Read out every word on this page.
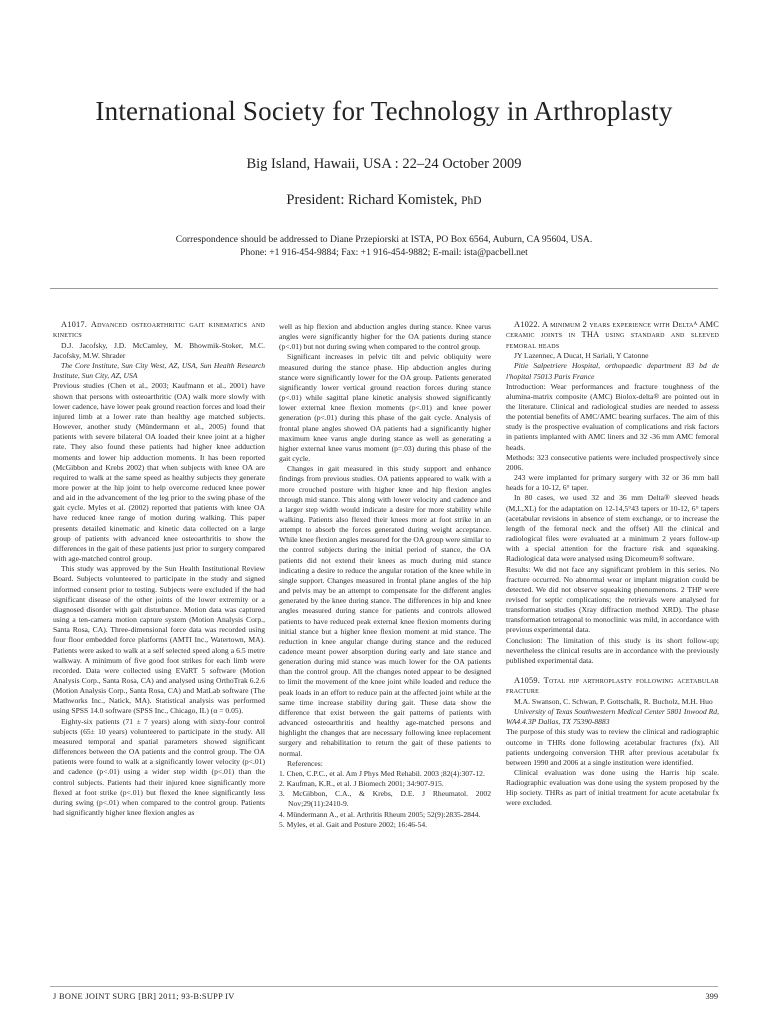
International Society for Technology in Arthroplasty
Big Island, Hawaii, USA : 22–24 October 2009
President: Richard Komistek, PhD
Correspondence should be addressed to Diane Przepiorski at ISTA, PO Box 6564, Auburn, CA 95604, USA.
Phone: +1 916-454-9884; Fax: +1 916-454-9882; E-mail: ista@pacbell.net

A1017. Advanced osteoarthritic gait kinematics and kinetics

D.J. Jacofsky, J.D. McCamley, M. Bhowmik-Stoker, M.C. Jacofsky, M.W. Shrader

The Core Institute, Sun City West, AZ, USA, Sun Health Research Institute, Sun City, AZ, USA

Previous studies (Chen et al., 2003; Kaufmann et al., 2001) have shown that persons with osteoarthritic (OA) walk more slowly with lower cadence, have lower peak ground reaction forces and load their injured limb at a lower rate than healthy age matched subjects. However, another study (Mündermann et al., 2005) found that patients with severe bilateral OA loaded their knee joint at a higher rate. They also found these patients had higher knee adduction moments and lower hip adduction moments. It has been reported (McGibbon and Krebs 2002) that when subjects with knee OA are required to walk at the same speed as healthy subjects they generate more power at the hip joint to help overcome reduced knee power and aid in the advancement of the leg prior to the swing phase of the gait cycle. Myles et al. (2002) reported that patients with knee OA have reduced knee range of motion during walking. This paper presents detailed kinematic and kinetic data collected on a large group of patients with advanced knee osteoarthritis to show the differences in the gait of these patients just prior to surgery compared with age-matched control group.

This study was approved by the Sun Health Institutional Review Board. Subjects volunteered to participate in the study and signed informed consent prior to testing. Subjects were excluded if the had significant disease of the other joints of the lower extremity or a diagnosed disorder with gait disturbance. Motion data was captured using a ten-camera motion capture system (Motion Analysis Corp., Santa Rosa, CA). Three-dimensional force data was recorded using four floor embedded force platforms (AMTI Inc., Watertown, MA). Patients were asked to walk at a self selected speed along a 6.5 metre walkway. A minimum of five good foot strikes for each limb were recorded. Data were collected using EVaRT 5 software (Motion Analysis Corp., Santa Rosa, CA) and analysed using OrthoTrak 6.2.6 (Motion Analysis Corp., Santa Rosa, CA) and MatLab software (The Mathworks Inc., Natick, MA). Statistical analysis was performed using SPSS 14.0 software (SPSS Inc., Chicago, IL) (α = 0.05).

Eighty-six patients (71 ± 7 years) along with sixty-four control subjects (65± 10 years) volunteered to participate in the study. All measured temporal and spatial parameters showed significant differences between the OA patients and the control group. The OA patients were found to walk at a significantly lower velocity (p<.01) and cadence (p<.01) using a wider step width (p<.01) than the control subjects. Patients had their injured knee significantly more flexed at foot strike (p<.01) but flexed the knee significantly less during swing (p<.01) when compared to the control group. Patients had significantly higher knee flexion angles as

well as hip flexion and abduction angles during stance. Knee varus angles were significantly higher for the OA patients during stance (p<.01) but not during swing when compared to the control group.

Significant increases in pelvic tilt and pelvic obliquity were measured during the stance phase. Hip abduction angles during stance were significantly lower for the OA group. Patients generated significantly lower vertical ground reaction forces during stance (p<.01) while sagittal plane kinetic analysis showed significantly lower external knee flexion moments (p<.01) and knee power generation (p<.01) during this phase of the gait cycle. Analysis of frontal plane angles showed OA patients had a significantly higher maximum knee varus angle during stance as well as generating a higher external knee varus moment (p=.03) during this phase of the gait cycle.

Changes in gait measured in this study support and enhance findings from previous studies. OA patients appeared to walk with a more crouched posture with higher knee and hip flexion angles through mid stance. This along with lower velocity and cadence and a larger step width would indicate a desire for more stability while walking. Patients also flexed their knees more at foot strike in an attempt to absorb the forces generated during weight acceptance. While knee flexion angles measured for the OA group were similar to the control subjects during the initial period of stance, the OA patients did not extend their knees as much during mid stance indicating a desire to reduce the angular rotation of the knee while in single support. Changes measured in frontal plane angles of the hip and pelvis may be an attempt to compensate for the different angles generated by the knee during stance. The differences in hip and knee angles measured during stance for patients and controls allowed patients to have reduced peak external knee flexion moments during initial stance but a higher knee flexion moment at mid stance. The reduction in knee angular change during stance and the reduced cadence meant power absorption during early and late stance and generation during mid stance was much lower for the OA patients than the control group. All the changes noted appear to be designed to limit the movement of the knee joint while loaded and reduce the peak loads in an effort to reduce pain at the affected joint while at the same time increase stability during gait. These data show the difference that exist between the gait patterns of patients with advanced osteoarthritis and healthy age-matched persons and highlight the changes that are necessary following knee replacement surgery and rehabilitation to return the gait of these patients to normal.

References:

1. Chen, C.P.C., et al. Am J Phys Med Rehabil. 2003 ;82(4):307-12.
2. Kaufman, K.R., et al. J Biomech 2001; 34:907-915.
3. McGibbon, C.A., & Krebs, D.E. J Rheumatol. 2002 Nov;29(11):2410-9.
4. Mündermann A., et al. Arthritis Rheum 2005; 52(9):2835-2844.
5. Myles, et al. Gait and Posture 2002; 16:46-54.

A1022. A minimum 2 years experience with Deltaᴬ AMC ceramic joints in THA using standard and sleeved femoral heads

JY Lazennec, A Ducat, H Sariali, Y Catonne

Pitie Salpetriere Hospital, orthopaedic department 83 bd de l'hopital 75013 Paris France

Introduction: Wear performances and fracture toughness of the alumina-matrix composite (AMC) Biolox-delta® are pointed out in the literature. Clinical and radiological studies are needed to assess the potential benefits of AMC/AMC bearing surfaces. The aim of this study is the prospective evaluation of complications and risk factors in patients implanted with AMC liners and 32 -36 mm AMC femoral heads.

Methods: 323 consecutive patients were included prospectively since 2006.

243 were implanted for primary surgery with 32 or 36 mm ball heads for a 10-12, 6° taper.

In 80 cases, we used 32 and 36 mm Delta® sleeved heads (M,L,XL) for the adaptation on 12-14,5°43 tapers or 10-12, 6° tapers (acetabular revisions in absence of stem exchange, or to increase the length of the femoral neck and the offset) All the clinical and radiological files were evaluated at a minimum 2 years follow-up with a special attention for the fracture risk and squeaking. Radiological data were analysed using Dicomeum® software.

Results: We did not face any significant problem in this series. No fracture occurred. No abnormal wear or implant migration could be detected. We did not observe squeaking phenomenons. 2 THP were revised for septic complications; the retrievals were analysed for transformation studies (Xray diffraction method XRD). The phase transformation tetragonal to monoclinic was mild, in accordance with previous experimental data.

Conclusion: The limitation of this study is its short follow-up; nevertheless the clinical results are in accordance with the previously published experimental data.

A1059. Total hip arthroplasty following acetabular fracture

M.A. Swanson, C. Schwan, P. Gottschalk, R. Bucholz, M.H. Huo

University of Texas Southwestern Medical Center 5801 Inwood Rd, WA4.4.3P Dallas, TX 75390-8883

The purpose of this study was to review the clinical and radiographic outcome in THRs done following acetabular fractures (fx). All patients undergoing conversion THR after previous acetabular fx between 1990 and 2006 at a single institution were identified.

Clinical evaluation was done using the Harris hip scale. Radiographic evaluation was done using the system proposed by the Hip society. THRs as part of initial treatment for acute acetabular fx were excluded.

J BONE JOINT SURG [BR] 2011; 93-B:SUPP IV	399
